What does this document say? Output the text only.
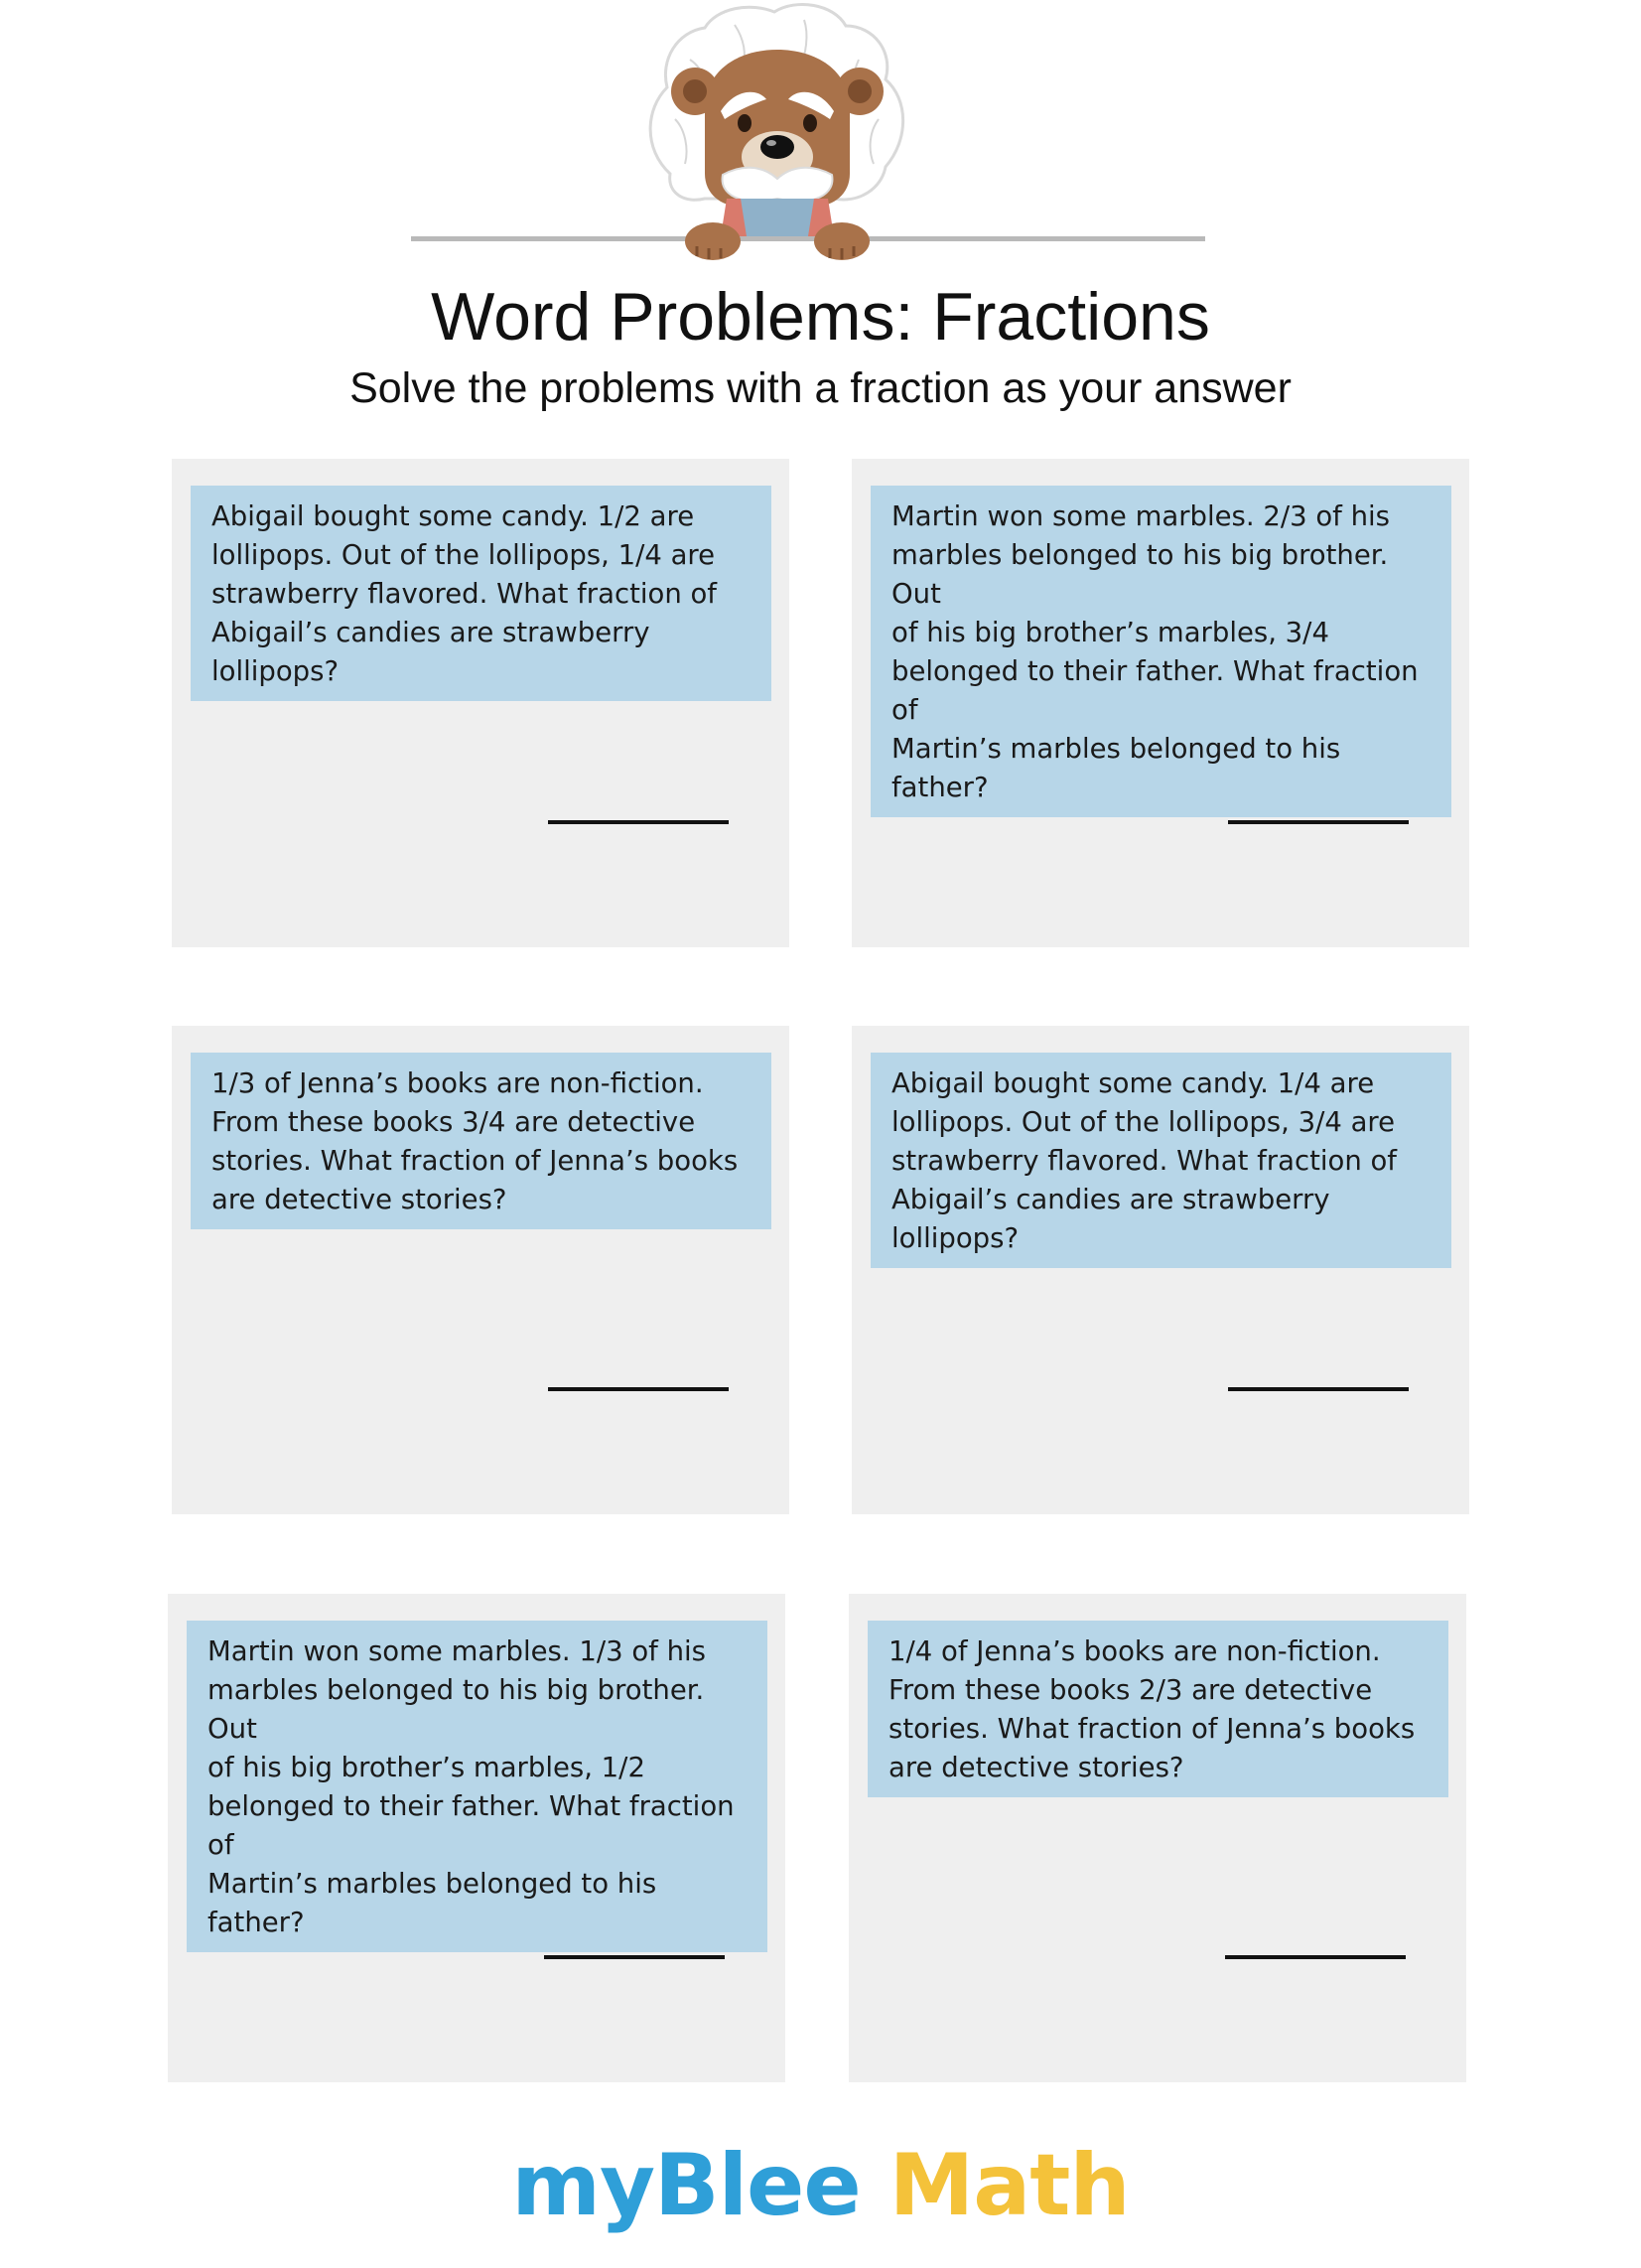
Word Problems: Fractions
Solve the problems with a fraction as your answer
Abigail bought some candy. 1/2 are
lollipops. Out of the lollipops, 1/4 are
strawberry flavored. What fraction of
Abigail’s candies are strawberry
lollipops?
Martin won some marbles. 2/3 of his
marbles belonged to his big brother. Out
of his big brother’s marbles, 3/4
belonged to their father. What fraction of
Martin’s marbles belonged to his father?
1/3 of Jenna’s books are non-fiction.
From these books 3/4 are detective
stories. What fraction of Jenna’s books
are detective stories?
Abigail bought some candy. 1/4 are
lollipops. Out of the lollipops, 3/4 are
strawberry flavored. What fraction of
Abigail’s candies are strawberry
lollipops?
Martin won some marbles. 1/3 of his
marbles belonged to his big brother. Out
of his big brother’s marbles, 1/2
belonged to their father. What fraction of
Martin’s marbles belonged to his father?
1/4 of Jenna’s books are non-fiction.
From these books 2/3 are detective
stories. What fraction of Jenna’s books
are detective stories?
myBlee Math
